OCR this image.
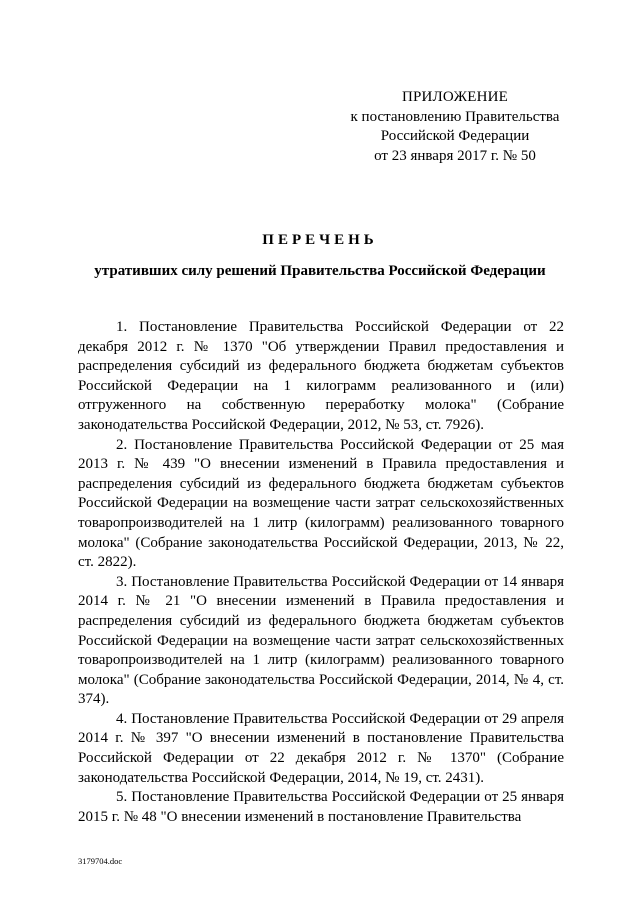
ПРИЛОЖЕНИЕ
к постановлению Правительства
Российской Федерации
от 23 января 2017 г. № 50
ПЕРЕЧЕНЬ
утративших силу решений Правительства Российской Федерации

1. Постановление Правительства Российской Федерации от 22 декабря 2012 г. № 1370 "Об утверждении Правил предоставления и распределения субсидий из федерального бюджета бюджетам субъектов Российской Федерации на 1 килограмм реализованного и (или) отгруженного на собственную переработку молока" (Собрание законодательства Российской Федерации, 2012, № 53, ст. 7926).

2. Постановление Правительства Российской Федерации от 25 мая 2013 г. № 439 "О внесении изменений в Правила предоставления и распределения субсидий из федерального бюджета бюджетам субъектов Российской Федерации на возмещение части затрат сельскохозяйственных товаропроизводителей на 1 литр (килограмм) реализованного товарного молока" (Собрание законодательства Российской Федерации, 2013, № 22, ст. 2822).

3. Постановление Правительства Российской Федерации от 14 января 2014 г. № 21 "О внесении изменений в Правила предоставления и распределения субсидий из федерального бюджета бюджетам субъектов Российской Федерации на возмещение части затрат сельскохозяйственных товаропроизводителей на 1 литр (килограмм) реализованного товарного молока" (Собрание законодательства Российской Федерации, 2014, № 4, ст. 374).

4. Постановление Правительства Российской Федерации от 29 апреля 2014 г. № 397 "О внесении изменений в постановление Правительства Российской Федерации от 22 декабря 2012 г. № 1370" (Собрание законодательства Российской Федерации, 2014, № 19, ст. 2431).

5. Постановление Правительства Российской Федерации от 25 января 2015 г. № 48 "О внесении изменений в постановление Правительства

3179704.doc
